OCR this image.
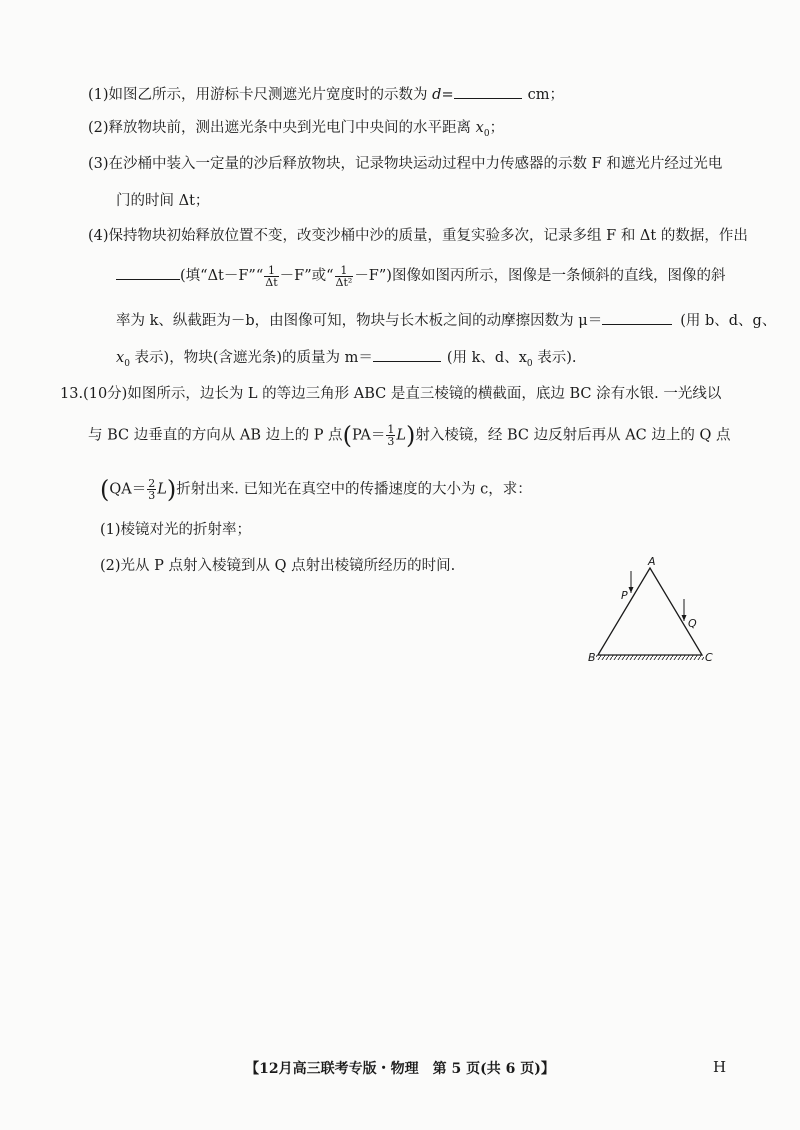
(1)如图乙所示，用游标卡尺测遮光片宽度时的示数为 d=	cm；
(2)释放物块前，测出遮光条中央到光电门中央间的水平距离 $x_0$；
(3)在沙桶中装入一定量的沙后释放物块，记录物块运动过程中力传感器的示数 F 和遮光片经过光电
门的时间 Δt；
(4)保持物块初始释放位置不变，改变沙桶中沙的质量，重复实验多次，记录多组 F 和 Δt 的数据，作出
(填“Δt－F”“ $\frac{1}{\Delta t} -F$”或“ $\frac{1}{\text{Δt²}}$ －F”)图像如图丙所示，图像是一条倾斜的直线，图像的斜
率为 k、纵截距为－b，由图像可知，物块与长木板之间的动摩擦因数为 μ＝	(用 b、d、g、
$x_0$ 表示)，物块(含遮光条)的质量为 m＝	(用 k、d、$x_0$ 表示).
13.(10分)如图所示，边长为 L 的等边三角形 ABC 是直三棱镜的横截面，底边 BC 涂有水银. 一光线以
与 BC 边垂直的方向从 AB 边上的 P 点$(PA= \frac{1}{3} L)$射入棱镜，经 BC 边反射后再从 AC 边上的 Q 点
$(QA= \frac{2}{3} L)$折射出来. 已知光在真空中的传播速度的大小为 c，求：
(1)棱镜对光的折射率；
(2)光从 P 点射入棱镜到从 Q 点射出棱镜所经历的时间.	A
B	C
P
Q
【12月高三联考专版・物理　第 5 页(共 6 页)】	H
